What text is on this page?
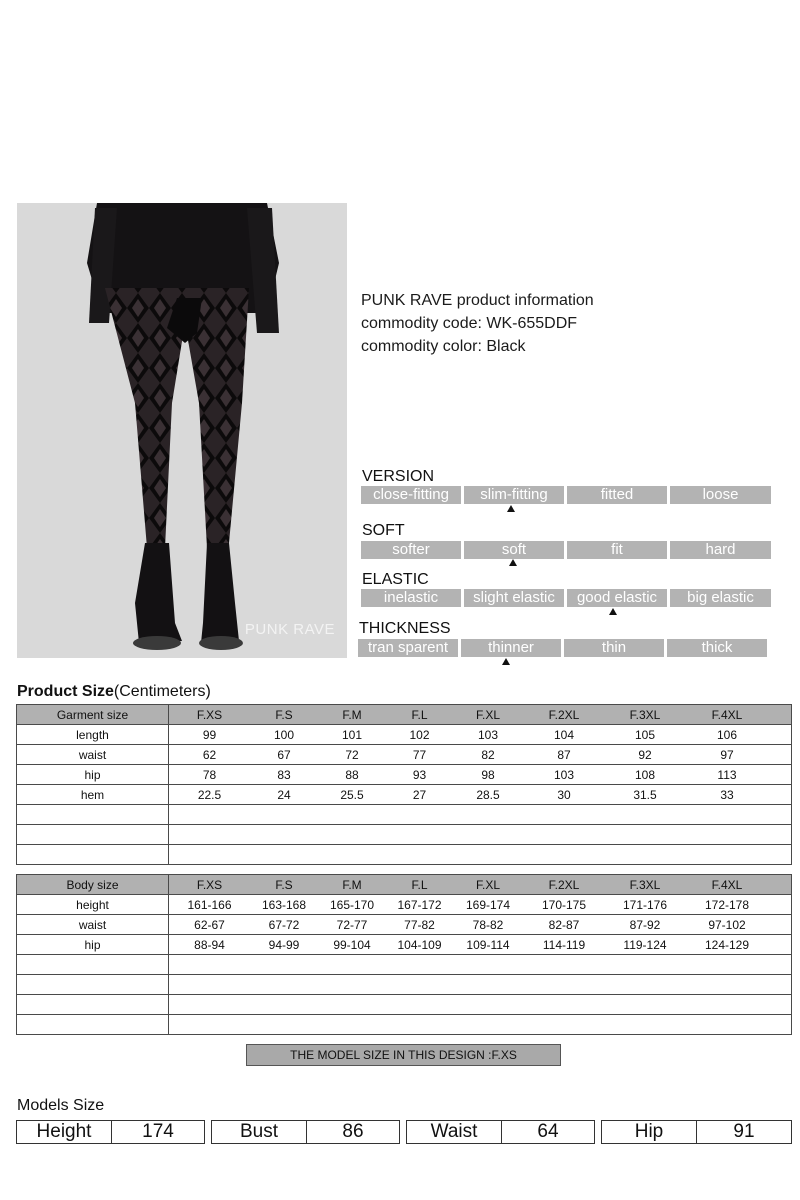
PUNK RAVE
PUNK RAVE product information
commodity code: WK-655DDF
commodity color: Black
VERSION
close-fitting	slim-fitting	fitted	loose
SOFT
softer	soft	fit	hard
ELASTIC
inelastic	slight elastic	good elastic	big elastic
THICKNESS
tran sparent	thinner	thin	thick
Product Size(Centimeters)
Garment size	F.XS F.S F.M F.L F.XL F.2XL F.3XL F.4XL
length	99 100 101 102 103 104 105 106
waist	62 67 72 77 82 87 92 97
hip	78 83 88 93 98 103 108 113
hem	22.5 24 25.5 27 28.5 30 31.5 33

Body size	F.XS F.S F.M F.L F.XL F.2XL F.3XL F.4XL
height	161-166 163-168 165-170 167-172 169-174 170-175 171-176 172-178
waist	62-67 67-72 72-77 77-82 78-82 82-87 87-92 97-102
hip	88-94 94-99 99-104 104-109 109-114 114-119 119-124 124-129

THE MODEL SIZE IN THIS DESIGN :F.XS
Models Size
Height	174	Bust	86	Waist	64	Hip	91
